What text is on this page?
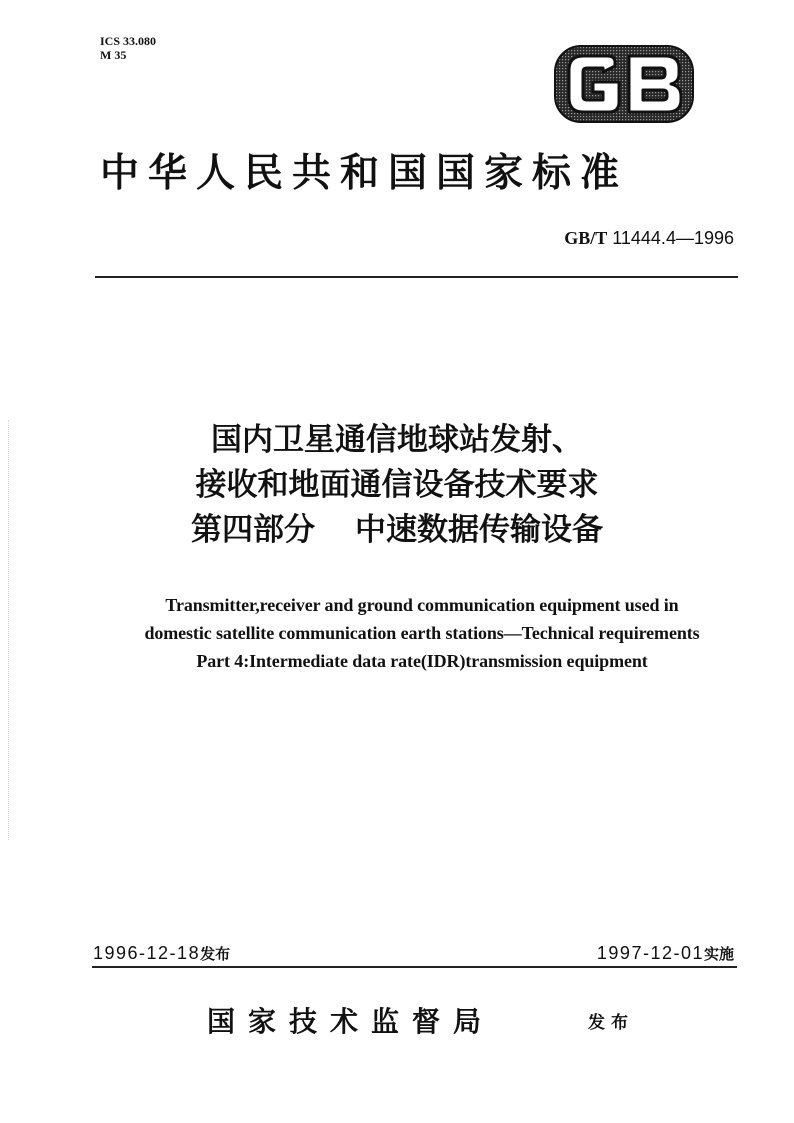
ICS 33.080
M 35
中华人民共和国国家标准
GB/T 11444.4—1996
国内卫星通信地球站发射、
接收和地面通信设备技术要求
第四部分 中速数据传输设备
Transmitter,receiver and ground communication equipment used in
domestic satellite communication earth stations—Technical requirements
Part 4:Intermediate data rate(IDR)transmission equipment
1996-12-18发布	1997-12-01实施
国家技术监督局	发布
